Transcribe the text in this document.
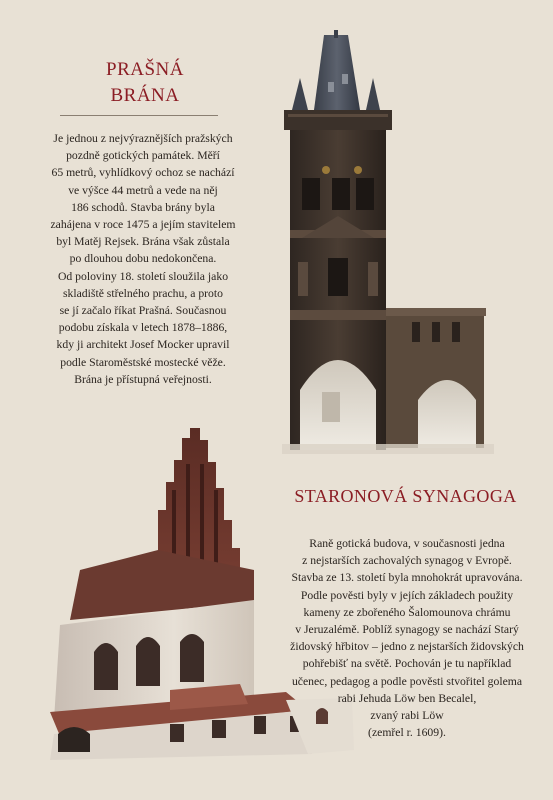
PRAŠNÁ
BRÁNA
Je jednou z nejvýraznějších pražských
pozdně gotických památek. Měří
65 metrů, vyhlídkový ochoz se nachází
ve výšce 44 metrů a vede na něj
186 schodů. Stavba brány byla
zahájena v roce 1475 a jejím stavitelem
byl Matěj Rejsek. Brána však zůstala
po dlouhou dobu nedokončena.
Od poloviny 18. století sloužila jako
skladiště střelného prachu, a proto
se jí začalo říkat Prašná. Současnou
podobu získala v letech 1878–1886,
kdy ji architekt Josef Mocker upravil
podle Staroměstské mostecké věže.
Brána je přístupná veřejnosti.
STARONOVÁ SYNAGOGA
Raně gotická budova, v současnosti jedna
z nejstarších zachovalých synagog v Evropě.
Stavba ze 13. století byla mnohokrát upravována.
Podle pověsti byly v jejích základech použity
kameny ze zbořeného Šalomounova chrámu
v Jeruzalémě. Poblíž synagogy se nachází Starý
židovský hřbitov – jedno z nejstarších židovských
pohřebišť na světě. Pochován je tu například
učenec, pedagog a podle pověsti stvořitel golema
rabi Jehuda Löw ben Becalel,
zvaný rabi Löw
(zemřel r. 1609).
